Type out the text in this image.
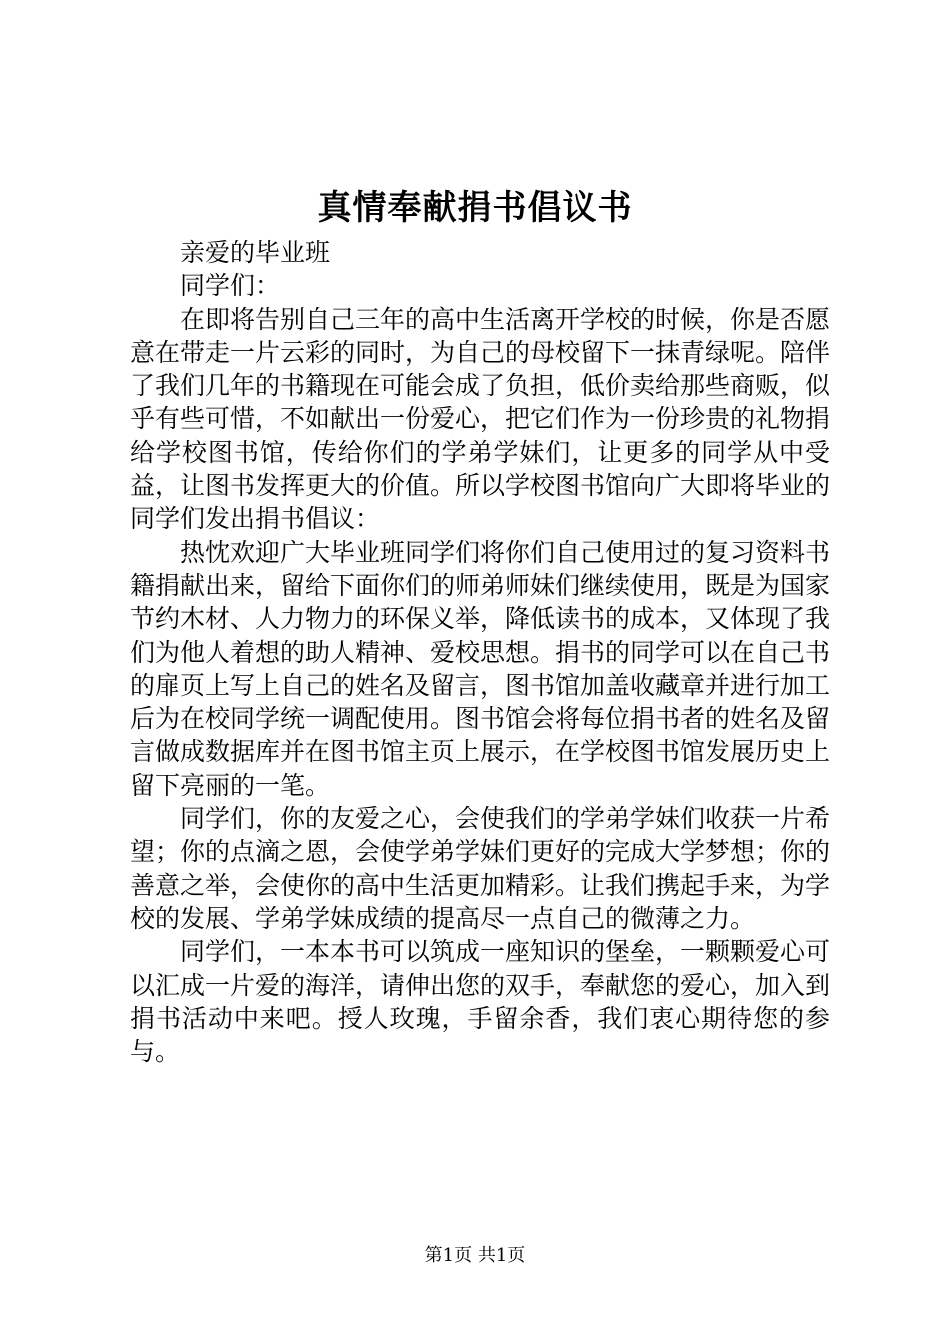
真情奉献捐书倡议书

亲爱的毕业班

同学们：

在即将告别自己三年的高中生活离开学校的时候，你是否愿意在带走一片云彩的同时，为自己的母校留下一抹青绿呢。陪伴了我们几年的书籍现在可能会成了负担，低价卖给那些商贩，似乎有些可惜，不如献出一份爱心，把它们作为一份珍贵的礼物捐给学校图书馆，传给你们的学弟学妹们，让更多的同学从中受益，让图书发挥更大的价值。所以学校图书馆向广大即将毕业的同学们发出捐书倡议：

热忱欢迎广大毕业班同学们将你们自己使用过的复习资料书籍捐献出来，留给下面你们的师弟师妹们继续使用，既是为国家节约木材、人力物力的环保义举，降低读书的成本，又体现了我们为他人着想的助人精神、爱校思想。捐书的同学可以在自己书的扉页上写上自己的姓名及留言，图书馆加盖收藏章并进行加工后为在校同学统一调配使用。图书馆会将每位捐书者的姓名及留言做成数据库并在图书馆主页上展示，在学校图书馆发展历史上留下亮丽的一笔。

同学们，你的友爱之心，会使我们的学弟学妹们收获一片希望；你的点滴之恩，会使学弟学妹们更好的完成大学梦想；你的善意之举，会使你的高中生活更加精彩。让我们携起手来，为学校的发展、学弟学妹成绩的提高尽一点自己的微薄之力。

同学们，一本本书可以筑成一座知识的堡垒，一颗颗爱心可以汇成一片爱的海洋，请伸出您的双手，奉献您的爱心，加入到捐书活动中来吧。授人玫瑰，手留余香，我们衷心期待您的参与。

第1页 共1页
